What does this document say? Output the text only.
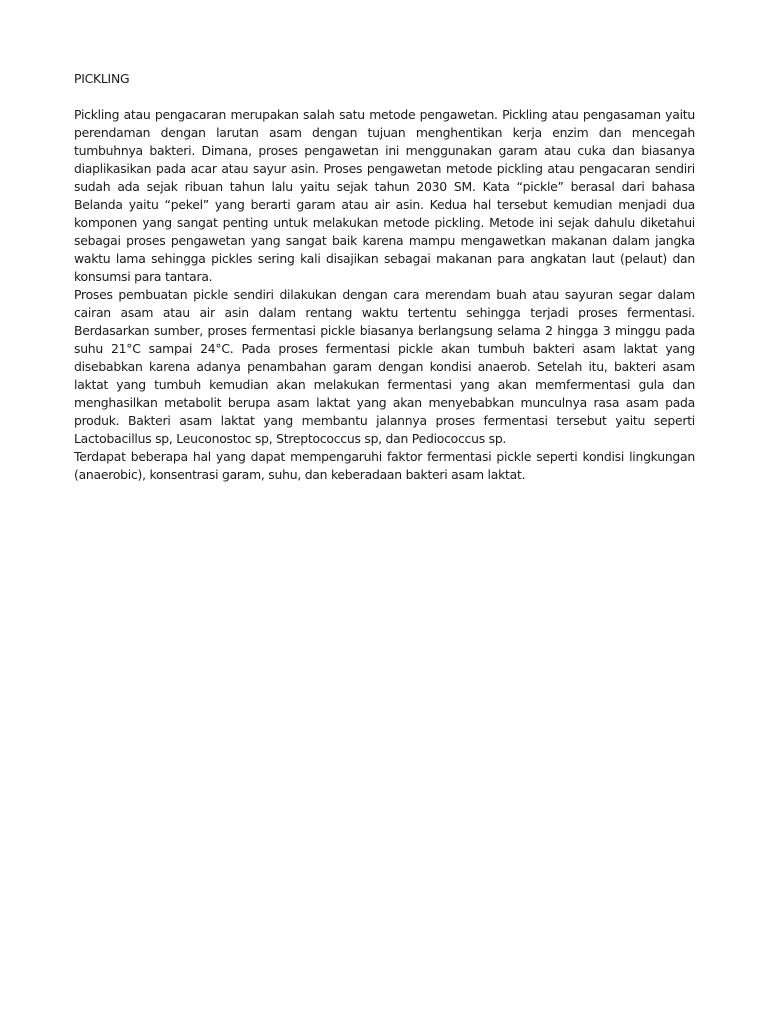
PICKLING

Pickling atau pengacaran merupakan salah satu metode pengawetan. Pickling atau pengasaman yaitu perendaman dengan larutan asam dengan tujuan menghentikan kerja enzim dan mencegah tumbuhnya bakteri. Dimana, proses pengawetan ini menggunakan garam atau cuka dan biasanya diaplikasikan pada acar atau sayur asin. Proses pengawetan metode pickling atau pengacaran sendiri sudah ada sejak ribuan tahun lalu yaitu sejak tahun 2030 SM. Kata “pickle” berasal dari bahasa Belanda yaitu “pekel” yang berarti garam atau air asin. Kedua hal tersebut kemudian menjadi dua komponen yang sangat penting untuk melakukan metode pickling. Metode ini sejak dahulu diketahui sebagai proses pengawetan yang sangat baik karena mampu mengawetkan makanan dalam jangka waktu lama sehingga pickles sering kali disajikan sebagai makanan para angkatan laut (pelaut) dan konsumsi para tantara.

Proses pembuatan pickle sendiri dilakukan dengan cara merendam buah atau sayuran segar dalam cairan asam atau air asin dalam rentang waktu tertentu sehingga terjadi proses fermentasi. Berdasarkan sumber, proses fermentasi pickle biasanya berlangsung selama 2 hingga 3 minggu pada suhu 21°C sampai 24°C. Pada proses fermentasi pickle akan tumbuh bakteri asam laktat yang disebabkan karena adanya penambahan garam dengan kondisi anaerob. Setelah itu, bakteri asam laktat yang tumbuh kemudian akan melakukan fermentasi yang akan memfermentasi gula dan menghasilkan metabolit berupa asam laktat yang akan menyebabkan munculnya rasa asam pada produk. Bakteri asam laktat yang membantu jalannya proses fermentasi tersebut yaitu seperti Lactobacillus sp, Leuconostoc sp, Streptococcus sp, dan Pediococcus sp.

Terdapat beberapa hal yang dapat mempengaruhi faktor fermentasi pickle seperti kondisi lingkungan (anaerobic), konsentrasi garam, suhu, dan keberadaan bakteri asam laktat.
